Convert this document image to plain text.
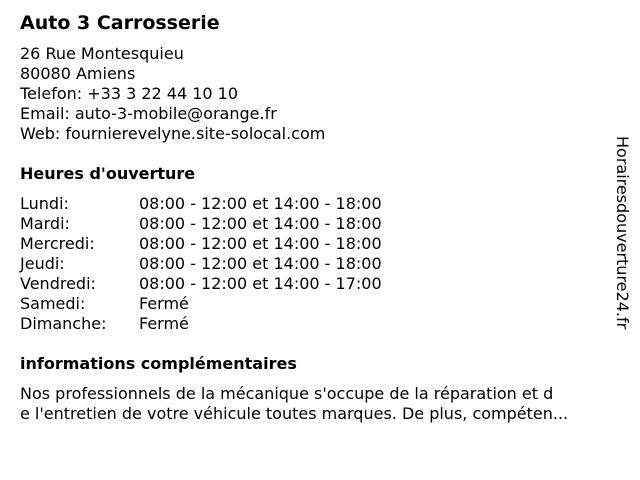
Auto 3 Carrosserie
26 Rue Montesquieu
80080 Amiens
Telefon: +33 3 22 44 10 10
Email: auto-3-mobile@orange.fr
Web: fournierevelyne.site-solocal.com
Heures d'ouverture
Lundi:	08:00 - 12:00 et 14:00 - 18:00
Mardi:	08:00 - 12:00 et 14:00 - 18:00
Mercredi:	08:00 - 12:00 et 14:00 - 18:00
Jeudi:	08:00 - 12:00 et 14:00 - 18:00
Vendredi:	08:00 - 12:00 et 14:00 - 17:00
Samedi:	Fermé
Dimanche: Fermé
informations complémentaires
Nos professionnels de la mécanique s'occupe de la réparation et d
e l'entretien de votre véhicule toutes marques. De plus, compéten...
Horairesdouverture24.fr
